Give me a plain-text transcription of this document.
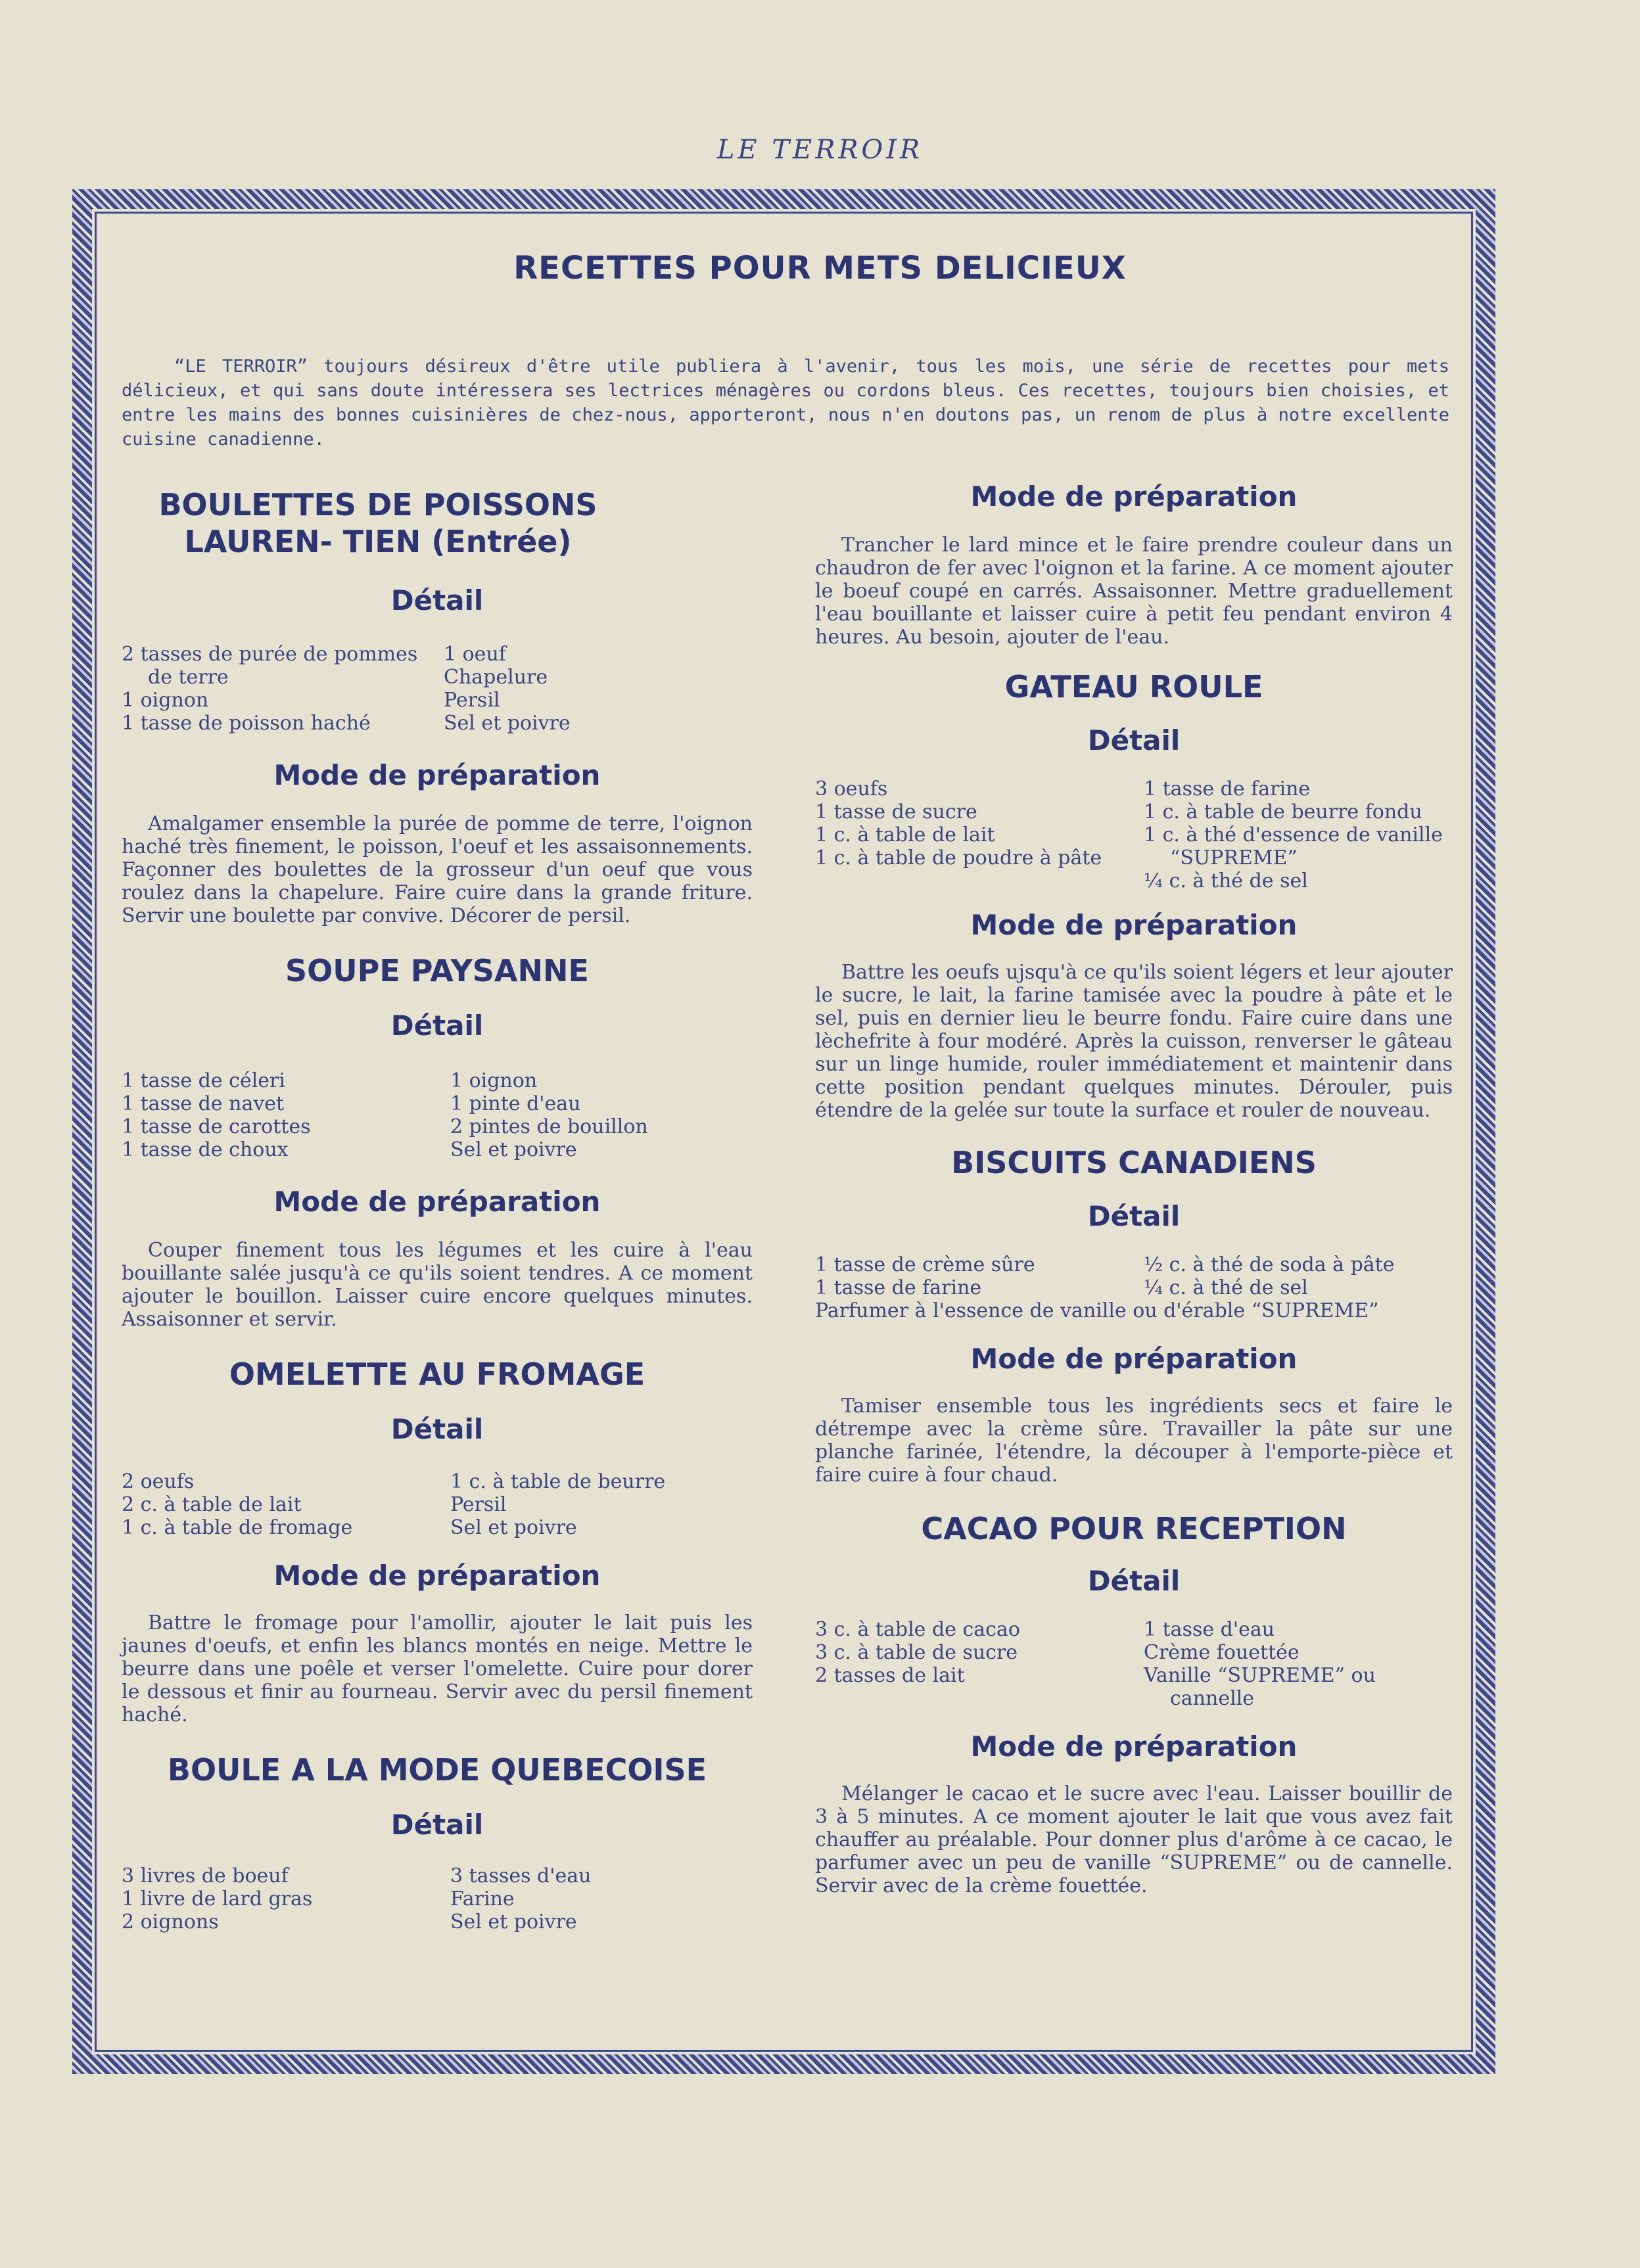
LE TERROIR
RECETTES POUR METS DELICIEUX

“LE TERROIR” toujours désireux d'être utile publiera à l'avenir, tous les mois, une série de recettes pour mets délicieux, et qui sans doute intéressera ses lectrices ménagères ou cordons bleus. Ces recettes, toujours bien choisies, et entre les mains des bonnes cuisinières de chez-nous, apporteront, nous n'en doutons pas, un renom de plus à notre excellente cuisine canadienne.

BOULETTES DE POISSONS LAUREN- TIEN (Entrée)
Détail
2 tasses de purée de pommes de terre
1 oignon
1 tasse de poisson haché
1 oeuf
Chapelure
Persil
Sel et poivre
Mode de préparation

Amalgamer ensemble la purée de pomme de terre, l'oignon haché très finement, le poisson, l'oeuf et les assaisonnements. Façonner des boulettes de la grosseur d'un oeuf que vous roulez dans la chapelure. Faire cuire dans la grande friture. Servir une boulette par convive. Décorer de persil.

SOUPE PAYSANNE
Détail
1 tasse de céleri
1 tasse de navet
1 tasse de carottes
1 tasse de choux
1 oignon
1 pinte d'eau
2 pintes de bouillon
Sel et poivre
Mode de préparation

Couper finement tous les légumes et les cuire à l'eau bouillante salée jusqu'à ce qu'ils soient tendres. A ce moment ajouter le bouillon. Laisser cuire encore quelques minutes. Assaisonner et servir.

OMELETTE AU FROMAGE
Détail
2 oeufs
2 c. à table de lait
1 c. à table de fromage
1 c. à table de beurre
Persil
Sel et poivre
Mode de préparation

Battre le fromage pour l'amollir, ajouter le lait puis les jaunes d'oeufs, et enfin les blancs montés en neige. Mettre le beurre dans une poêle et verser l'omelette. Cuire pour dorer le dessous et finir au fourneau. Servir avec du persil finement haché.

BOULE A LA MODE QUEBECOISE
Détail
3 livres de boeuf
1 livre de lard gras
2 oignons
3 tasses d'eau
Farine
Sel et poivre
Mode de préparation

Trancher le lard mince et le faire prendre couleur dans un chaudron de fer avec l'oignon et la farine. A ce moment ajouter le boeuf coupé en carrés. Assaisonner. Mettre graduellement l'eau bouillante et laisser cuire à petit feu pendant environ 4 heures. Au besoin, ajouter de l'eau.

GATEAU ROULE
Détail
3 oeufs
1 tasse de sucre
1 c. à table de lait
1 c. à table de poudre à pâte
1 tasse de farine
1 c. à table de beurre fondu
1 c. à thé d'essence de vanille “SUPREME”
¼ c. à thé de sel
Mode de préparation

Battre les oeufs ujsqu'à ce qu'ils soient légers et leur ajouter le sucre, le lait, la farine tamisée avec la poudre à pâte et le sel, puis en dernier lieu le beurre fondu. Faire cuire dans une lèchefrite à four modéré. Après la cuisson, renverser le gâteau sur un linge humide, rouler immédiatement et maintenir dans cette position pendant quelques minutes. Dérouler, puis étendre de la gelée sur toute la surface et rouler de nouveau.

BISCUITS CANADIENS
Détail
1 tasse de crème sûre
1 tasse de farine
½ c. à thé de soda à pâte
¼ c. à thé de sel
Parfumer à l'essence de vanille ou d'érable “SUPREME”
Mode de préparation

Tamiser ensemble tous les ingrédients secs et faire le détrempe avec la crème sûre. Travailler la pâte sur une planche farinée, l'étendre, la découper à l'emporte-pièce et faire cuire à four chaud.

CACAO POUR RECEPTION
Détail
3 c. à table de cacao
3 c. à table de sucre
2 tasses de lait
1 tasse d'eau
Crème fouettée
Vanille “SUPREME” ou cannelle
Mode de préparation

Mélanger le cacao et le sucre avec l'eau. Laisser bouillir de 3 à 5 minutes. A ce moment ajouter le lait que vous avez fait chauffer au préalable. Pour donner plus d'arôme à ce cacao, le parfumer avec un peu de vanille “SUPREME” ou de cannelle. Servir avec de la crème fouettée.
